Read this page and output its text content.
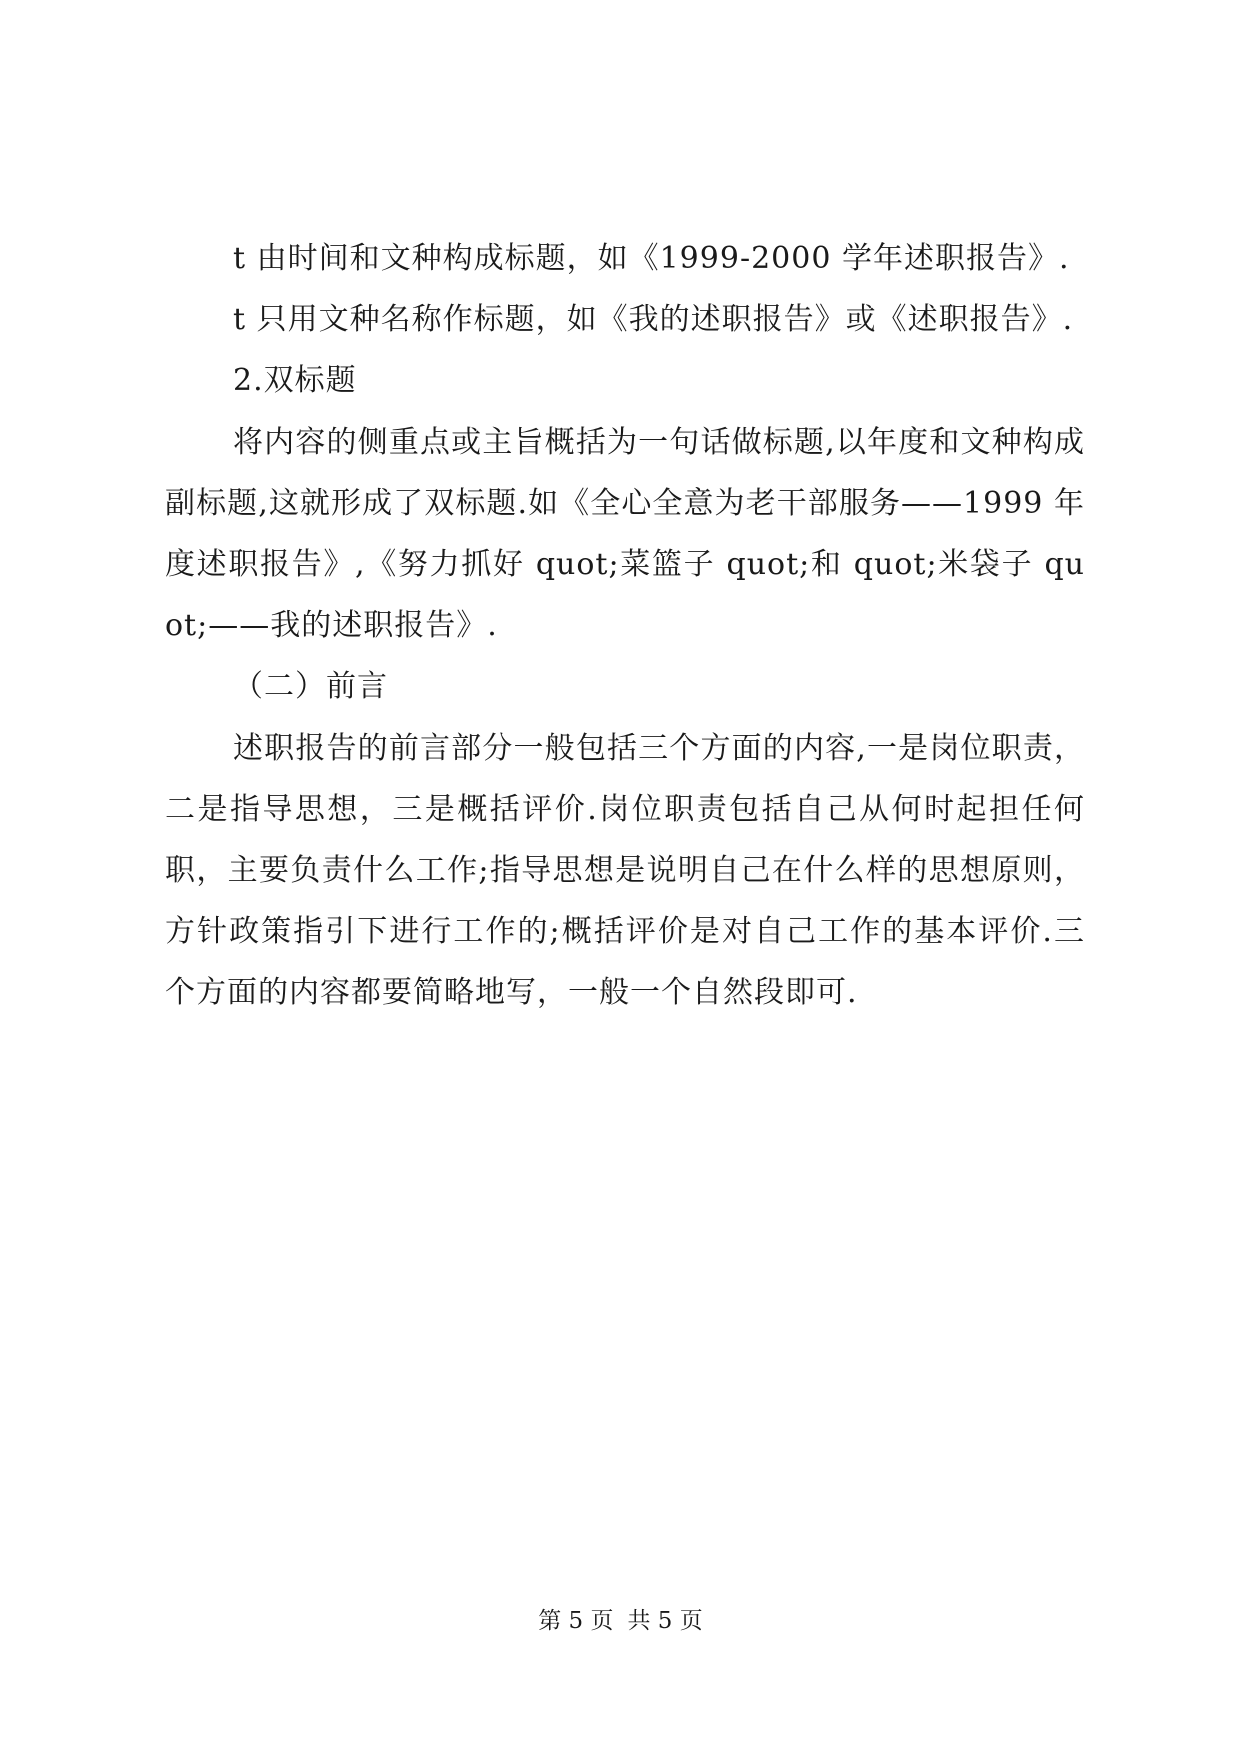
t 由时间和文种构成标题，如《1999-2000 学年述职报告》.

t 只用文种名称作标题，如《我的述职报告》或《述职报告》.

2.双标题

将内容的侧重点或主旨概括为一句话做标题,以年度和文种构成副标题,这就形成了双标题.如《全心全意为老干部服务——1999 年度述职报告》,《努力抓好 quot;菜篮子 quot;和 quot;米袋子 quot;——我的述职报告》.

（二）前言

述职报告的前言部分一般包括三个方面的内容,一是岗位职责，二是指导思想，三是概括评价.岗位职责包括自己从何时起担任何职，主要负责什么工作;指导思想是说明自己在什么样的思想原则，方针政策指引下进行工作的;概括评价是对自己工作的基本评价.三个方面的内容都要简略地写，一般一个自然段即可.

第 5 页 共 5 页
